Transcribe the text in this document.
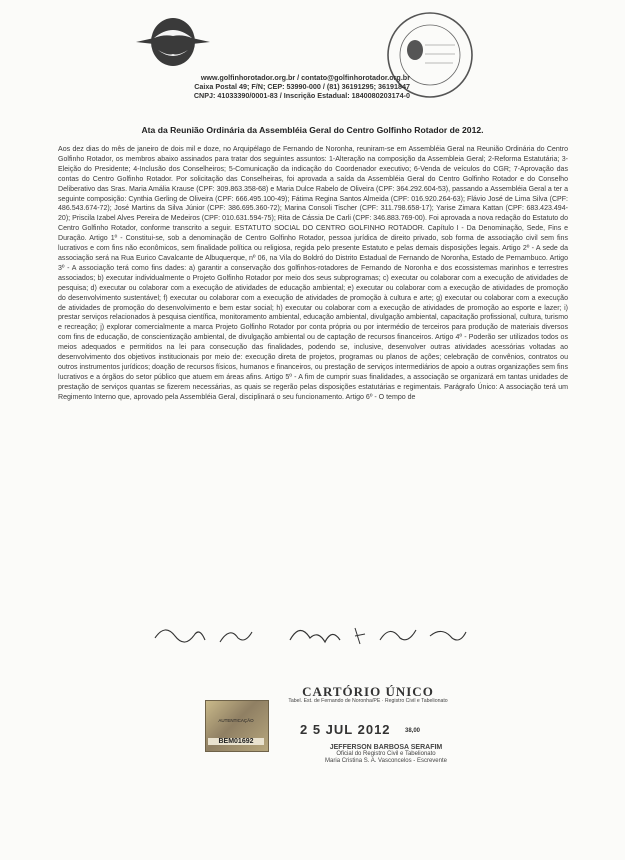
www.golfinhorotador.org.br / contato@golfinhorotador.org.br
Caixa Postal 49; F/N; CEP: 53990-000 / (81) 36191295; 36191847
CNPJ: 41033390/0001-83 / Inscrição Estadual: 1840080203174-0
Ata da Reunião Ordinária da Assembléia Geral do Centro Golfinho Rotador de 2012.
Aos dez dias do mês de janeiro de dois mil e doze, no Arquipélago de Fernando de Noronha, reuniram-se em Assembléia Geral na Reunião Ordinária do Centro Golfinho Rotador, os membros abaixo assinados para tratar dos seguintes assuntos: 1-Alteração na composição da Assembleia Geral; 2-Reforma Estatutária; 3-Eleição do Presidente; 4-Inclusão dos Conselheiros; 5-Comunicação da indicação do Coordenador executivo; 6-Venda de veículos do CGR; 7-Aprovação das contas do Centro Golfinho Rotador. Por solicitação das Conselheiras, foi aprovada a saída da Assembléia Geral do Centro Golfinho Rotador e do Conselho Deliberativo das Sras. Maria Amália Krause (CPF: 309.863.358-68) e Maria Dulce Rabelo de Oliveira (CPF: 364.292.604-53), passando a Assembléia Geral a ter a seguinte composição: Cynthia Gerling de Oliveira (CPF: 666.495.100-49); Fátima Regina Santos Almeida (CPF: 016.920.264-63); Flávio José de Lima Silva (CPF: 486.543.674-72); José Martins da Silva Júnior (CPF: 386.695.360-72); Marina Consoli Tischer (CPF: 311.798.658-17); Yarise Zimara Kattan (CPF: 683.423.494-20); Priscila Izabel Alves Pereira de Medeiros (CPF: 010.631.594-75); Rita de Cássia De Carli (CPF: 346.883.769-00). Foi aprovada a nova redação do Estatuto do Centro Golfinho Rotador, conforme transcrito a seguir. ESTATUTO SOCIAL DO CENTRO GOLFINHO ROTADOR. Capítulo I - Da Denominação, Sede, Fins e Duração. Artigo 1º - Constitui-se, sob a denominação de Centro Golfinho Rotador, pessoa jurídica de direito privado, sob forma de associação civil sem fins lucrativos e com fins não econômicos, sem finalidade política ou religiosa, regida pelo presente Estatuto e pelas demais disposições legais. Artigo 2º - A sede da associação será na Rua Eurico Cavalcante de Albuquerque, nº 06, na Vila do Boldró do Distrito Estadual de Fernando de Noronha, Estado de Pernambuco. Artigo 3º - A associação terá como fins dades: a) garantir a conservação dos golfinhos-rotadores de Fernando de Noronha e dos ecossistemas marinhos e terrestres associados; b) executar individualmente o Projeto Golfinho Rotador por meio dos seus subprogramas; c) executar ou colaborar com a execução de atividades de pesquisa; d) executar ou colaborar com a execução de atividades de educação ambiental; e) executar ou colaborar com a execução de atividades de promoção do desenvolvimento sustentável; f) executar ou colaborar com a execução de atividades de promoção à cultura e arte; g) executar ou colaborar com a execução de atividades de promoção do desenvolvimento e bem estar social; h) executar ou colaborar com a execução de atividades de promoção ao esporte e lazer; i) prestar serviços relacionados à pesquisa científica, monitoramento ambiental, educação ambiental, divulgação ambiental, capacitação profissional, cultura, turismo e recreação; j) explorar comercialmente a marca Projeto Golfinho Rotador por conta própria ou por intermédio de terceiros para produção de materiais diversos com fins de educação, de conscientização ambiental, de divulgação ambiental ou de captação de recursos financeiros. Artigo 4º - Poderão ser utilizados todos os meios adequados e permitidos na lei para consecução das finalidades, podendo se, inclusive, desenvolver outras atividades acessórias voltadas ao desenvolvimento dos objetivos institucionais por meio de: execução direta de projetos, programas ou planos de ações; celebração de convênios, contratos ou outros instrumentos jurídicos; doação de recursos físicos, humanos e financeiros, ou prestação de serviços intermediários de apoio a outras organizações sem fins lucrativos e a órgãos do setor público que atuem em áreas afins. Artigo 5º - A fim de cumprir suas finalidades, a associação se organizará em tantas unidades de prestação de serviços quantas se fizerem necessárias, as quais se regerão pelas disposições estatutárias e regimentais. Parágrafo Único: A associação terá um Regimento Interno que, aprovado pela Assembléia Geral, disciplinará o seu funcionamento. Artigo 6º - O tempo de
CARTÓRIO ÚNICO
Tabel. Est. de Fernando de Noronha/PE · Registro Civil e Tabelionato
AUTENTICAÇÃO
BEM01692
2 5 JUL 2012 38,00
JEFFERSON BARBOSA SERAFIM
Oficial do Registro Civil e Tabelionato
Maria Cristina S. A. Vasconcelos - Escrevente
